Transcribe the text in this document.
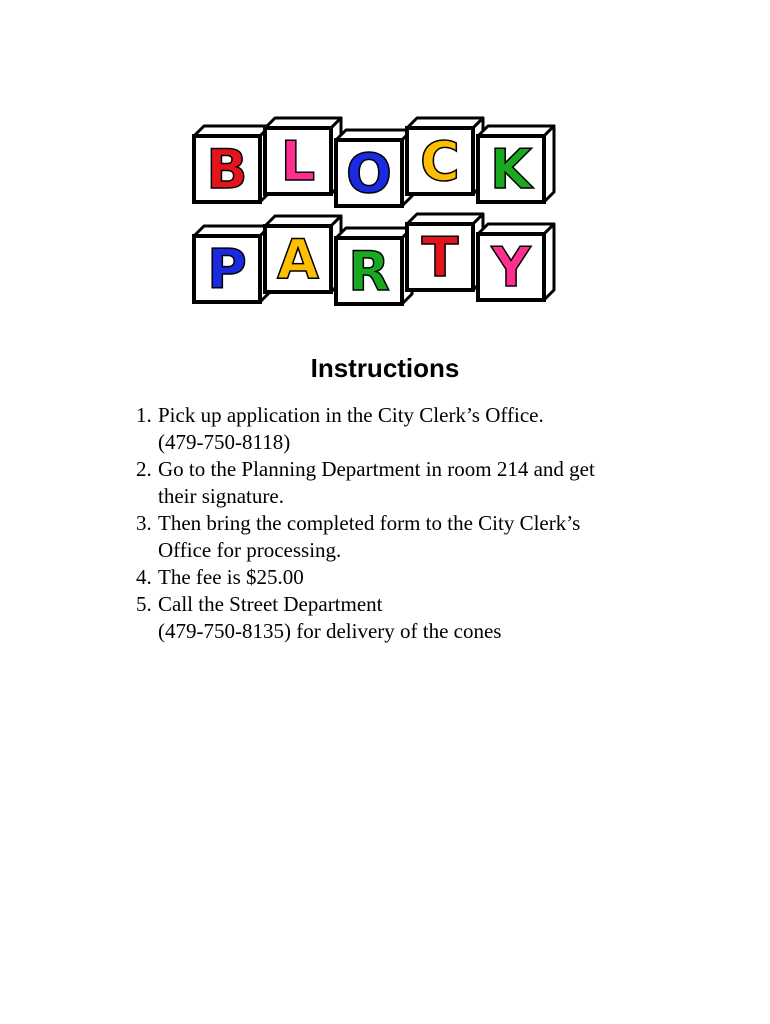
B L O C K
P A R T Y
Instructions
1. Pick up application in the City Clerk’s Office.
(479-750-8118)
2. Go to the Planning Department in room 214 and get
their signature.
3. Then bring the completed form to the City Clerk’s
Office for processing.
4. The fee is $25.00
5. Call the Street Department
(479-750-8135) for delivery of the cones
